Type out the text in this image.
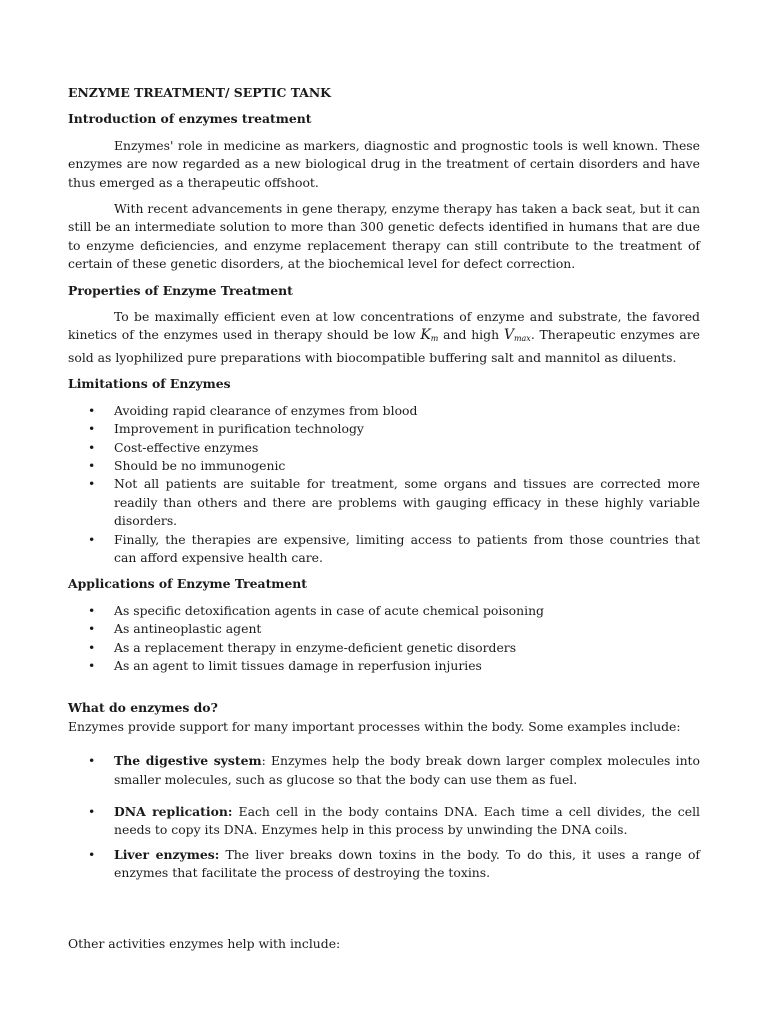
ENZYME TREATMENT/ SEPTIC TANK
Introduction of enzymes treatment

Enzymes' role in medicine as markers, diagnostic and prognostic tools is well known. These enzymes are now regarded as a new biological drug in the treatment of certain disorders and have thus emerged as a therapeutic offshoot.

With recent advancements in gene therapy, enzyme therapy has taken a back seat, but it can still be an intermediate solution to more than 300 genetic defects identified in humans that are due to enzyme deficiencies, and enzyme replacement therapy can still contribute to the treatment of certain of these genetic disorders, at the biochemical level for defect correction.

Properties of Enzyme Treatment

To be maximally efficient even at low concentrations of enzyme and substrate, the favored kinetics of the enzymes used in therapy should be low $K_m$ and high $V_{max}$. Therapeutic enzymes are sold as lyophilized pure preparations with biocompatible buffering salt and mannitol as diluents.

Limitations of Enzymes
• Avoiding rapid clearance of enzymes from blood
• Improvement in purification technology
• Cost-effective enzymes
• Should be no immunogenic
• Not all patients are suitable for treatment, some organs and tissues are corrected more readily than others and there are problems with gauging efficacy in these highly variable disorders.
• Finally, the therapies are expensive, limiting access to patients from those countries that can afford expensive health care.
Applications of Enzyme Treatment
• As specific detoxification agents in case of acute chemical poisoning
• As antineoplastic agent
• As a replacement therapy in enzyme-deficient genetic disorders
• As an agent to limit tissues damage in reperfusion injuries
What do enzymes do?

Enzymes provide support for many important processes within the body. Some examples include:

• The digestive system: Enzymes help the body break down larger complex molecules into smaller molecules, such as glucose so that the body can use them as fuel.
• DNA replication: Each cell in the body contains DNA. Each time a cell divides, the cell needs to copy its DNA. Enzymes help in this process by unwinding the DNA coils.
• Liver enzymes: The liver breaks down toxins in the body. To do this, it uses a range of enzymes that facilitate the process of destroying the toxins.

Other activities enzymes help with include:
